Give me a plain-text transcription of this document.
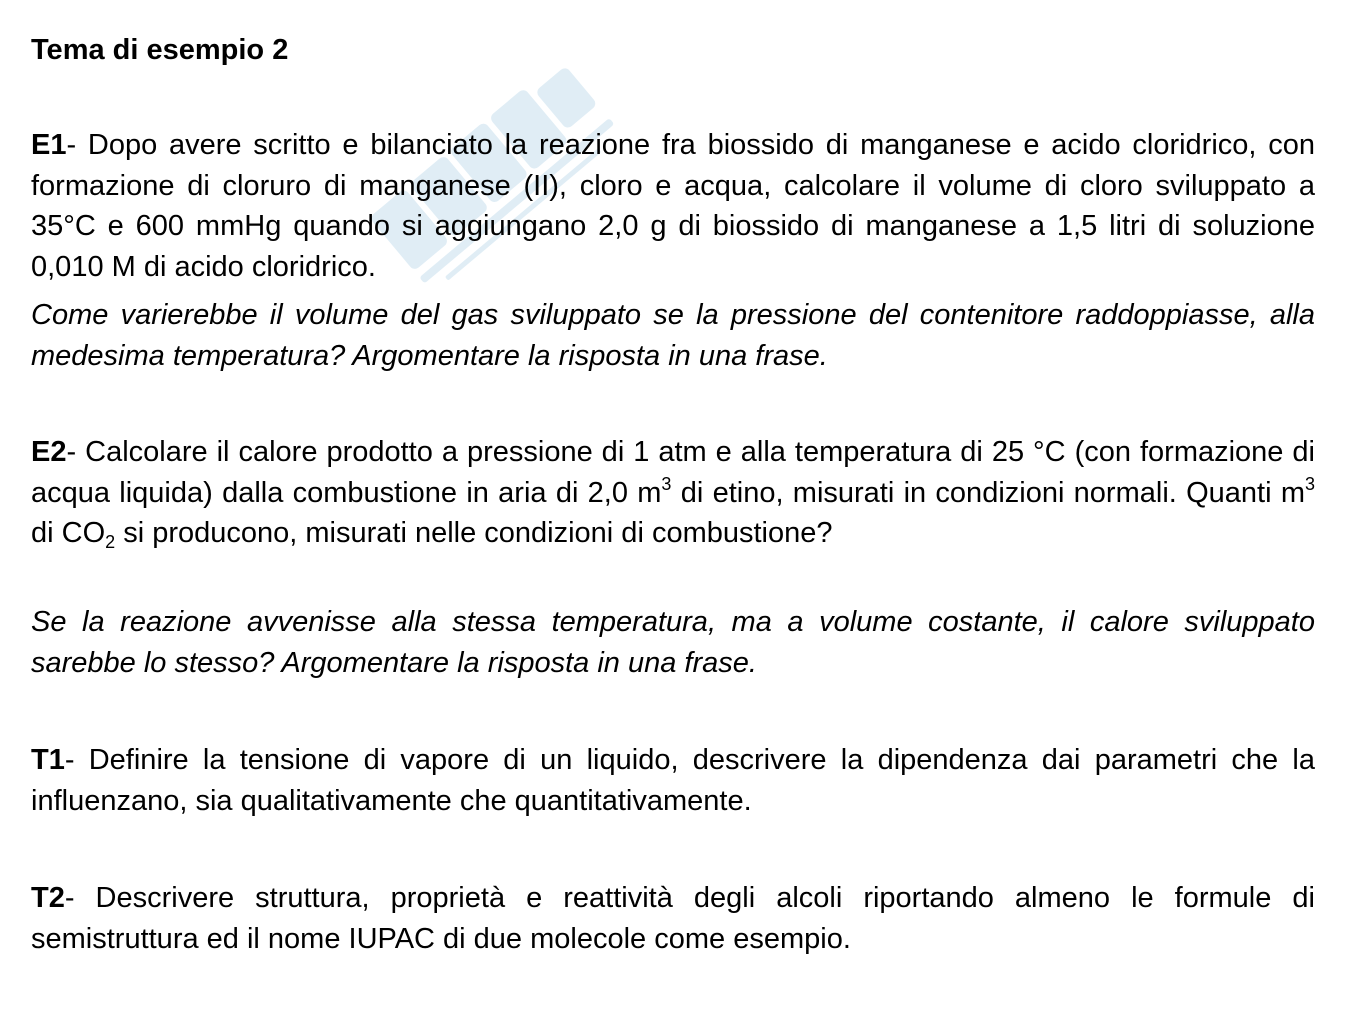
Tema di esempio 2

E1- Dopo avere scritto e bilanciato la reazione fra biossido di manganese e acido cloridrico, con formazione di cloruro di manganese (II), cloro e acqua, calcolare il volume di cloro sviluppato a 35°C e 600 mmHg quando si aggiungano 2,0 g di biossido di manganese a 1,5 litri di soluzione 0,010 M di acido cloridrico.

Come varierebbe il volume del gas sviluppato se la pressione del contenitore raddoppiasse, alla medesima temperatura? Argomentare la risposta in una frase.

E2- Calcolare il calore prodotto a pressione di 1 atm e alla temperatura di 25 °C (con formazione di acqua liquida) dalla combustione in aria di 2,0 $m^3$ di etino, misurati in condizioni normali. Quanti $m^3$ di $CO_2$ si producono, misurati nelle condizioni di combustione?

Se la reazione avvenisse alla stessa temperatura, ma a volume costante, il calore sviluppato sarebbe lo stesso? Argomentare la risposta in una frase.

T1- Definire la tensione di vapore di un liquido, descrivere la dipendenza dai parametri che la influenzano, sia qualitativamente che quantitativamente.

T2- Descrivere struttura, proprietà e reattività degli alcoli riportando almeno le formule di semistruttura ed il nome IUPAC di due molecole come esempio.
